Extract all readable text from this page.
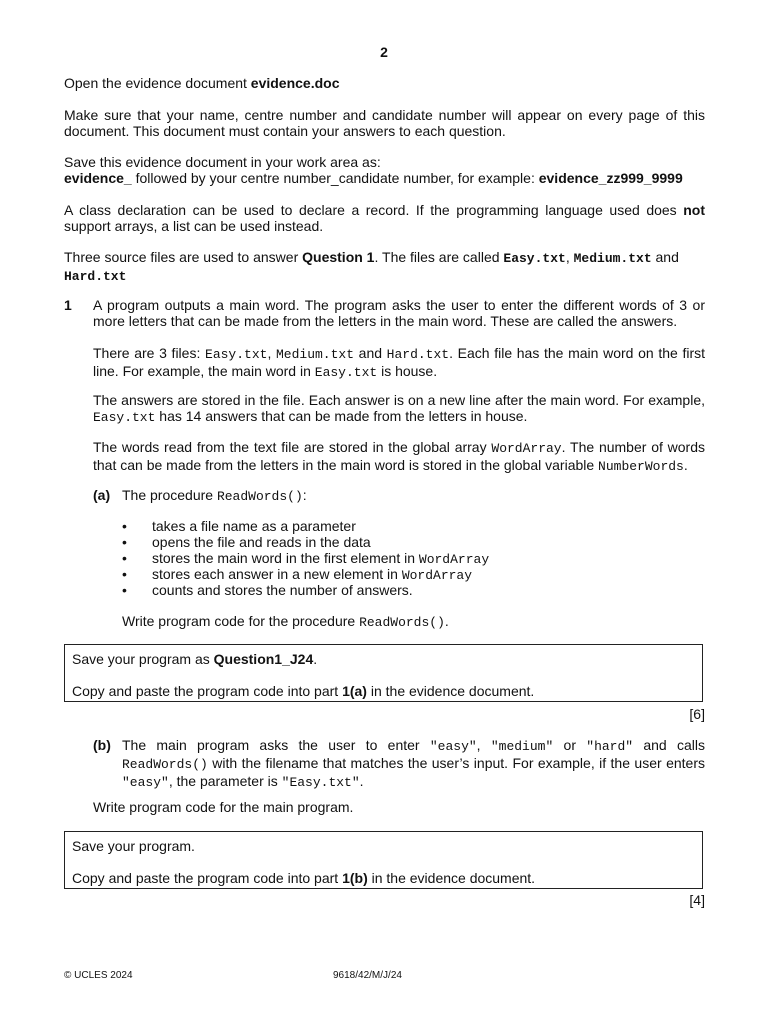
2

Open the evidence document evidence.doc

Make sure that your name, centre number and candidate number will appear on every page of this document. This document must contain your answers to each question.

Save this evidence document in your work area as:
evidence_ followed by your centre number_candidate number, for example: evidence_zz999_9999

A class declaration can be used to declare a record. If the programming language used does not support arrays, a list can be used instead.

Three source files are used to answer Question 1. The files are called Easy.txt, Medium.txt and
Hard.txt

1 A program outputs a main word. The program asks the user to enter the different words of 3 or more letters that can be made from the letters in the main word. These are called the answers.

There are 3 files: Easy.txt, Medium.txt and Hard.txt. Each file has the main word on the first line. For example, the main word in Easy.txt is house.

The answers are stored in the file. Each answer is on a new line after the main word. For example, Easy.txt has 14 answers that can be made from the letters in house.

The words read from the text file are stored in the global array WordArray. The number of words that can be made from the letters in the main word is stored in the global variable NumberWords.

(a) The procedure ReadWords():

• takes a file name as a parameter

• opens the file and reads in the data

• stores the main word in the first element in WordArray

• stores each answer in a new element in WordArray

• counts and stores the number of answers.

Write program code for the procedure ReadWords().

Save your program as Question1_J24.

Copy and paste the program code into part 1(a) in the evidence document.

[6]
(b) The main program asks the user to enter "easy", "medium" or "hard" and calls ReadWords() with the filename that matches the user’s input. For example, if the user enters "easy", the parameter is "Easy.txt".

Write program code for the main program.

Save your program.

Copy and paste the program code into part 1(b) in the evidence document.

[4]
© UCLES 2024	9618/42/M/J/24
